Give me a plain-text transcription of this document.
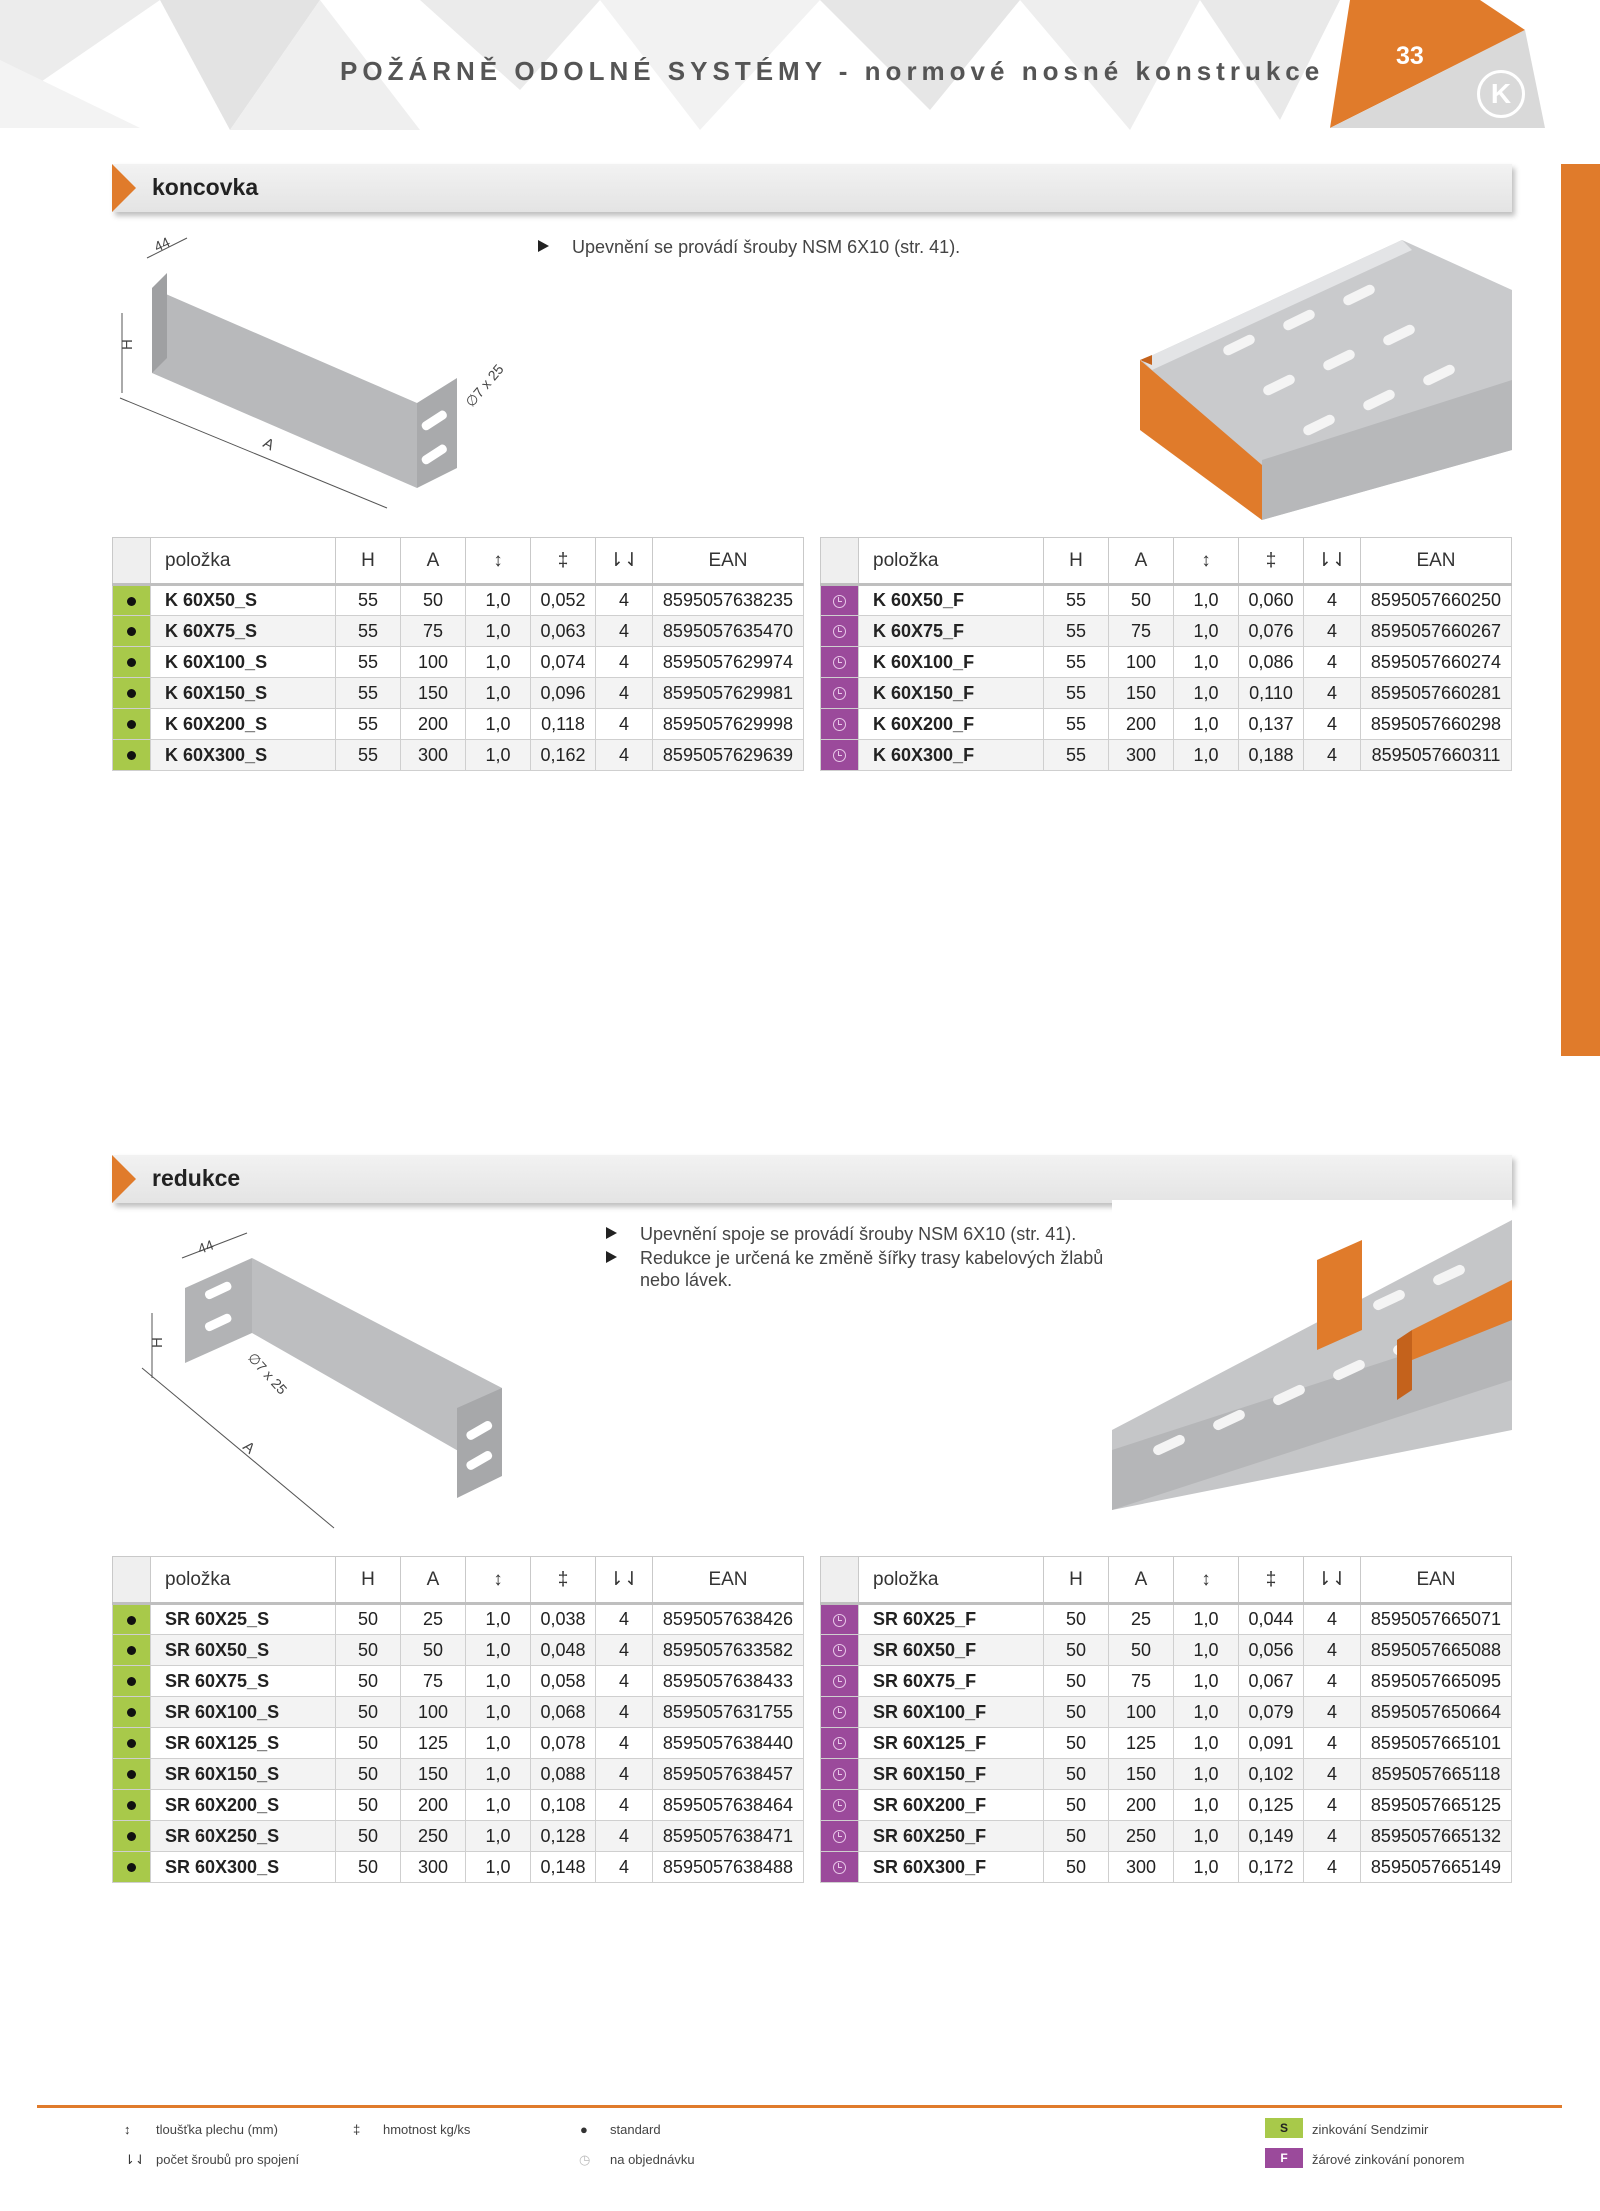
POŽÁRNĚ ODOLNÉ SYSTÉMY - normové nosné konstrukce	33
K
koncovka
44
H
A
∅7 x 25
Upevnění se provádí šrouby NSM 6X10 (str. 41).
	položka	H	A	↕	‡	⇂⇃	EAN
	K 60X50_S	55	50	1,0	0,052	4	8595057638235
	K 60X75_S	55	75	1,0	0,063	4	8595057635470
	K 60X100_S	55	100	1,0	0,074	4	8595057629974
	K 60X150_S	55	150	1,0	0,096	4	8595057629981
	K 60X200_S	55	200	1,0	0,118	4	8595057629998
	K 60X300_S	55	300	1,0	0,162	4	8595057629639
	položka	H	A	↕	‡	⇂⇃	EAN
	K 60X50_F	55	50	1,0	0,060	4	8595057660250
	K 60X75_F	55	75	1,0	0,076	4	8595057660267
	K 60X100_F	55	100	1,0	0,086	4	8595057660274
	K 60X150_F	55	150	1,0	0,110	4	8595057660281
	K 60X200_F	55	200	1,0	0,137	4	8595057660298
	K 60X300_F	55	300	1,0	0,188	4	8595057660311
redukce
44
H
A
∅7 x 25
Upevnění spoje se provádí šrouby NSM 6X10 (str. 41).
Redukce je určená ke změně šířky trasy kabelových žlabů nebo lávek.
	položka	H	A	↕	‡	⇂⇃	EAN
	SR 60X25_S	50	25	1,0	0,038	4	8595057638426
	SR 60X50_S	50	50	1,0	0,048	4	8595057633582
	SR 60X75_S	50	75	1,0	0,058	4	8595057638433
	SR 60X100_S	50	100	1,0	0,068	4	8595057631755
	SR 60X125_S	50	125	1,0	0,078	4	8595057638440
	SR 60X150_S	50	150	1,0	0,088	4	8595057638457
	SR 60X200_S	50	200	1,0	0,108	4	8595057638464
	SR 60X250_S	50	250	1,0	0,128	4	8595057638471
	SR 60X300_S	50	300	1,0	0,148	4	8595057638488
	položka	H	A	↕	‡	⇂⇃	EAN
	SR 60X25_F	50	25	1,0	0,044	4	8595057665071
	SR 60X50_F	50	50	1,0	0,056	4	8595057665088
	SR 60X75_F	50	75	1,0	0,067	4	8595057665095
	SR 60X100_F	50	100	1,0	0,079	4	8595057650664
	SR 60X125_F	50	125	1,0	0,091	4	8595057665101
	SR 60X150_F	50	150	1,0	0,102	4	8595057665118
	SR 60X200_F	50	200	1,0	0,125	4	8595057665125
	SR 60X250_F	50	250	1,0	0,149	4	8595057665132
	SR 60X300_F	50	300	1,0	0,172	4	8595057665149
↕ tloušťka plechu (mm)	‡ hmotnost kg/ks
⇂⇃ počet šroubů pro spojení
● standard
◷ na objednávku
S	zinkování Sendzimir
F	žárové zinkování ponorem
